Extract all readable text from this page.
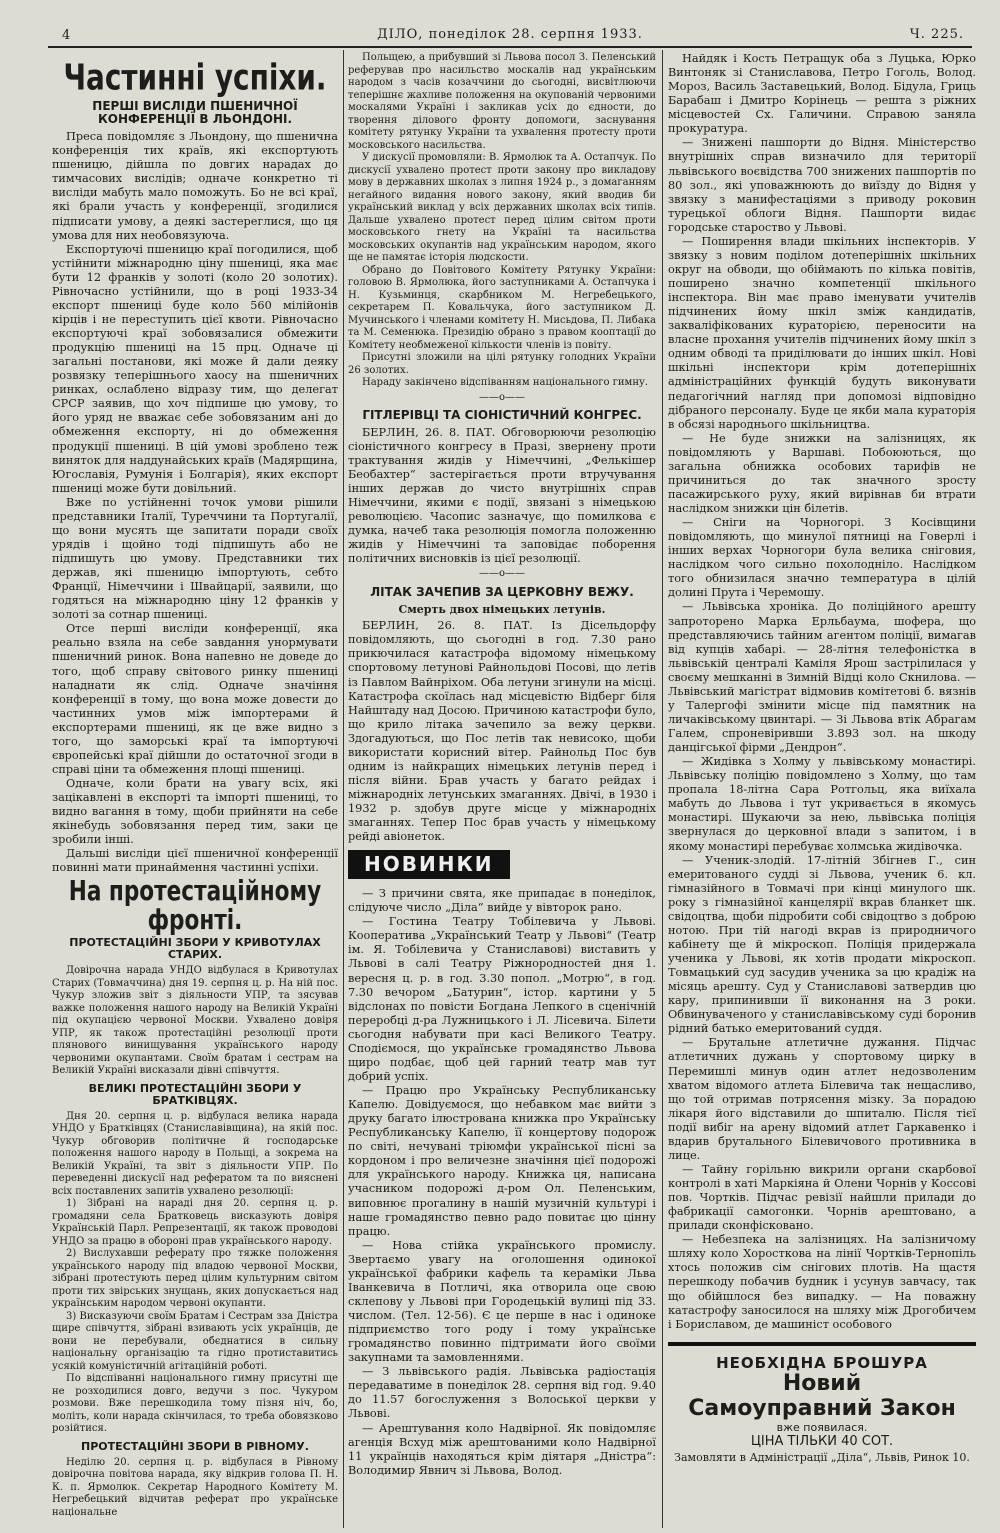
4	ДІЛО, понеділок 28. серпня 1933.	Ч. 225.
Частинні успіхи.
ПЕРШІ ВИСЛІДИ ПШЕНИЧНОЇ КОНФЕРЕНЦІЇ В ЛЬОНДОНІ.

Преса повідомляє з Льондону, що пшенична конференція тих країв, які експортують пшеницю, дійшла по довгих нарадах до тимчасових вислідів; одначе конкретно ті висліди мабуть мало поможуть. Бо не всі краї, які брали участь у конференції, згодилися підписати умову, а деякі застереглися, що ця умова для них необовязуюча.

Експортуючі пшеницю краї погодилися, щоб устійнити міжнародню ціну пшениці, яка має бути 12 франків у золоті (коло 20 золотих). Рівночасно устійнили, що в році 1933-34 експорт пшениці буде коло 560 мілійонів кірців і не переступить цієї квоти. Рівночасно експортуючі краї зобовязалися обмежити продукцію пшениці на 15 прц. Одначе ці загальні постанови, які може й дали деяку розвязку теперішнього хаосу на пшеничних ринках, ослаблено відразу тим, що делегат СРСР заявив, що хоч підпише цю умову, то його уряд не вважає себе зобовязаним ані до обмеження експорту, ні до обмеження продукції пшениці. В цій умові зроблено теж виняток для наддунайських країв (Мадярщина, Югославія, Румунія і Болгарія), яких експорт пшениці може бути довільний.

Вже по устійненні точок умови рішили представники Італії, Туреччини та Португалії, що вони мусять ще запитати поради своїх урядів і щойно тоді підпишуть або не підпишуть цю умову. Представники тих держав, які пшеницю імпортують, себто Франції, Німеччини і Швайцарії, заявили, що годяться на міжнародню ціну 12 франків у золоті за сотнар пшениці.

Отсе перші висліди конференції, яка реально взяла на себе завдання унормувати пшеничний ринок. Вона напевно не доведе до того, щоб справу світового ринку пшениці наладнати як слід. Одначе значіння конференції в тому, що вона може довести до частинних умов між імпортерами й експортерами пшениці, як це вже видно з того, що заморські краї та імпортуючі європейські краї дійшли до остаточної згоди в справі ціни та обмеження площі пшениці.

Одначе, коли брати на увагу всіх, які зацікавлені в експорті та імпорті пшениці, то видно вагання в тому, щоби прийняти на себе якінебудь зобовязання перед тим, заки це зробили інші.

Дальші висліди цієї пшеничної конференції повинні мати принаймення частинні успіхи.

На протестаційному фронті.
ПРОТЕСТАЦІЙНІ ЗБОРИ У КРИВОТУЛАХ СТАРИХ.

Довірочна нарада УНДО відбулася в Кривотулах Старих (Товмаччина) дня 19. серпня ц. р. На ній пос. Чукур зложив звіт з діяльности УПР, та зясував важке положення нашого народу на Великій Україні під окупацією червоної Москви. Ухвалено довіря УПР, як також протестаційні резолюції проти плянового винищування українського народу червоними окупантами. Своїм братам і сестрам на Великій Україні висказали дівні співчуття.

ВЕЛИКІ ПРОТЕСТАЦІЙНІ ЗБОРИ У БРАТКІВЦЯХ.

Дня 20. серпня ц. р. відбулася велика нарада УНДО у Братківцях (Станиславівщина), на якій пос. Чукур обговорив політичне й господарське положення нашого народу в Польщі, а зокрема на Великій Україні, та звіт з діяльности УПР. По переведенні дискусії над рефератом та по вияснені всіх поставлених запитів ухвалено резолюції:

1) Зібрані на нараді дня 20. серпня ц. р. громадяни села Братковець висказують довіря Українській Парл. Репрезентації, як також проводові УНДО за працю в обороні прав українського народу.

2) Вислухавши реферату про тяжке положення українського народу під владою червоної Москви, зібрані протестують перед цілим культурним світом проти тих звірських знущань, яких допускається над українським народом червоні окупанти.

3) Висказуючи своїм Братам і Сестрам зза Дністра щире співчуття, зібрані взивають усіх українців, де вони не перебували, обєднатися в сильну національну організацію та гідно протиставитись усякій комуністичній агітаційній роботі.

По відспіванні національного гимну присутні ще не розходилися довго, ведучи з пос. Чукуром розмови. Вже перешкодила тому пізня ніч, бо, моліть, коли нарада скінчилася, то треба обовязково розійтися.

ПРОТЕСТАЦІЙНІ ЗБОРИ В РІВНОМУ.

Неділю 20. серпня ц. р. відбулася в Рівному довірочна повітова нарада, яку відкрив голова П. Н. К. п. Ярмолюк. Секретар Народного Комітету М. Негребецький відчитав реферат про українське національне

Польщею, а прибувший зі Львова посол З. Пеленський реферував про насильство москалів над українським народом з часів козаччини до сьогодні, висвітлюючи теперішнє жахливе положення на окупованій червоними москалями Україні і закликав усіх до єдности, до творення ділового фронту допомоги, заснування комітету рятунку України та ухвалення протесту проти московського насильства.

У дискусії промовляли: В. Ярмолюк та А. Остапчук. По дискусії ухвалено протест проти закону про викладову мову в державних школах з липня 1924 р., з домаганням негайного видання нового закону, який вводив би український виклад у всіх державних школах всіх типів. Дальше ухвалено протест перед цілим світом проти московського гнету на Україні та насильства московських окупантів над українським народом, якого ще не памятає історія людскости.

Обрано до Повітового Комітету Рятунку України: головою В. Ярмолюка, його заступниками А. Остапчука і Н. Кузьминця, скарбником М. Негребецького, секретарем П. Ковальчука, його заступником Д. Мучинського і членами комітету Н. Мисьдова, П. Либака та М. Семенюка. Президію обрано з правом кооптації до Комітету необмеженої кількости членів із повіту.

Присутні зложили на цілі рятунку голодних України 26 золотих.

Нараду закінчено відспіванням національного гимну.

——o——
ГІТЛЕРІВЦІ ТА СІОНІСТИЧНИЙ КОНГРЕС.

БЕРЛИН, 26. 8. ПАТ. Обговорюючи резолюцію сіоністичного конгресу в Празі, звернену проти трактування жидів у Німеччині, „Фелькішер Беобахтер“ застерігається проти втручування інших держав до чисто внутрішніх справ Німеччини, якими є події, звязані з німецькою революцією. Часопис зазначує, що помилкова є думка, начеб така резолюція помогла положенню жидів у Німеччині та заповідає поборення політичних висновків із цієї резолюції.

——o——
ЛІТАК ЗАЧЕПИВ ЗА ЦЕРКОВНУ ВЕЖУ.
Смерть двох німецьких летунів.

БЕРЛИН, 26. 8. ПАТ. Із Дісельдорфу повідомляють, що сьогодні в год. 7.30 рано прикючилася катастрофа відомому німецькому спортовому летунові Райнольдові Посові, що летів із Павлом Вайнріхом. Оба летуни згинули на місці. Катастрофа скоїлась над місцевістю Відберг біля Найштаду над Досою. Причиною катастрофи було, що крило літака зачепило за вежу церкви. Здогадуються, що Пос летів так невисоко, щоби використати корисний вітер. Райнольд Пос був одним із найкращих німецьких летунів перед і після війни. Брав участь у багато рейдах і міжнародніх летунських змаганнях. Двічі, в 1930 і 1932 р. здобув друге місце у міжнародніх змаганнях. Тепер Пос брав участь у німецькому рейді авіонеток.

НОВИНКИ

— З причини свята, яке припадає в понеділок, слідуюче число „Діла“ вийде у вівторок рано.

— Гостина Театру Тобілевича у Львові. Кооператива „Український Театр у Львові“ (Театр ім. Я. Тобілевича у Станиславові) виставить у Львові в салі Театру Ріжнородностей дня 1. вересня ц. р. в год. 3.30 попол. „Мотрю“, в год. 7.30 вечором „Батурин“, істор. картини у 5 відслонах по повісти Богдана Лепкого в сценічній переробці д-ра Лужницького і Л. Лісевича. Білети сьогодня набувати при касі Великого Театру. Сподіємося, що українське громадянство Львова щиро подбає, щоб цей гарний театр мав тут добрий успіх.

— Працю про Українську Республиканську Капелю. Довідуємося, що небавком має вийти з друку багато ілюстрована книжка про Українську Республиканську Капелю, її концертову подорож по світі, нечувані тріюмфи української пісні за кордоном і про величезне значіння цієї подорожі для українського народу. Книжка ця, написана учасником подорожі д-ром Ол. Пеленським, виповнює прогалину в нашій музичній культурі і наше громадянство певно радо повитає цю цінну працю.

— Нова стійка українського промислу. Звертаємо увагу на оголошення одинокої української фабрики кафель та кераміки Льва Іванкевича в Потличі, яка отворила оце свою склепову у Львові при Городецькій вулиці під 33. числом. (Тел. 12-56). Є це перше в нас і одиноке підприємство того роду і тому українське громадянство повинно підтримати його своїми закупнами та замовленнями.

— З львівського радія. Львівська радіостація передаватиме в понеділок 28. серпня від год. 9.40 до 11.57 богослуження з Волоської церкви у Львові.

— Арештування коло Надвірної. Як повідомляє агенція Всхуд між арештованими коло Надвірної 11 українців находяться крім діятаря „Дністра“: Володимир Явнич зі Львова, Волод.

Найдяк і Кость Петращук оба з Луцька, Юрко Винтоняк зі Станиславова, Петро Гоголь, Волод. Мороз, Василь Заставецький, Волод. Бідула, Гриць Барабаш і Дмитро Корінець — решта з ріжних місцевостей Сх. Галичини. Справою заняла прокуратура.

— Знижені пашпорти до Відня. Міністерство внутрішніх справ визначило для території львівського воєвідства 700 знижених пашпортів по 80 зол., які уповажнюють до виїзду до Відня у звязку з манифестаціями з приводу роковин турецької облоги Відня. Пашпорти видає городське староство у Львові.

— Поширення влади шкільних інспекторів. У звязку з новим поділом дотеперішніх шкільних округ на обводи, що обіймають по кілька повітів, поширено значно компетенції шкільного інспектора. Він має право іменувати учителів підчинених йому шкіл зміж кандидатів, закваліфікованих кураторією, переносити на власне прохання учителів підчинених йому шкіл з одним обводі та приділювати до інших шкіл. Нові шкільні інспектори крім дотеперішніх адміністраційних функцій будуть виконувати педагогічний нагляд при допомозі відповідно дібраного персоналу. Буде це якби мала кураторія в обсязі народнього шкільництва.

— Не буде знижки на залізницях, як повідомляють у Варшаві. Побоюються, що загальна обнижка особових тарифів не причиниться до так значного зросту пасажирського руху, який вирівнав би втрати наслідком знижки цін білетів.

— Сніги на Чорногорі. З Косівщини повідомляють, що минулої пятниці на Говерлі і інших верхах Чорногори була велика сніговия, наслідком чого сильно похолодніло. Наслідком того обнизилася значно температура в цілій долині Прута і Черемошу.

— Львівська хроніка. До поліційного арешту запроторено Марка Ерльбаума, шофера, що представляючись тайним агентом поліції, вимагав від купців хабарі. — 28-літня телефоністка в львівській централі Каміля Ярош застрілилася у своєму мешканні в Зимній Відці коло Скнилова. — Львівський магістрат відмовив комітетові б. вязнів у Талергофі змінити місце під памятник на личаківському цвинтарі. — Зі Львова втік Абрагам Галем, спроневіривши 3.893 зол. на шкоду данцігської фірми „Дендрон“.

— Жидівка з Холму у львівському монастирі. Львівську поліцію повідомлено з Холму, що там пропала 18-літна Сара Ротгольц, яка виїхала мабуть до Львова і тут укривається в якомусь монастирі. Шукаючи за нею, львівська поліція звернулася до церковної влади з запитом, і в якому монастирі перебуває холмська жидівочка.

— Ученик-злодій. 17-літній Збігнев Г., син емеритованого судді зі Львова, ученик 6. кл. гімназійного в Товмачі при кінці минулого шк. року з гімназійної канцелярії вкрав бланкет шк. свідоцтва, щоби підробити собі свідоцтво з доброю нотою. При тій нагоді вкрав із природничого кабінету ще й мікроскоп. Поліція придержала ученика у Львові, як хотів продати мікроскоп. Товмацький суд засудив ученика за цю крадіж на місяць арешту. Суд у Станиславові затвердив цю кару, припинивши її виконання на 3 роки. Обвинуваченого у станиславівському суді боронив рідний батько емеритований суддя.

— Брутальне атлетичне дужання. Підчас атлетичних дужань у спортовому цирку в Перемишлі минув один атлет недозволеним хватом відомого атлета Білевича так нещасливо, що той отримав потрясення мізку. За порадою лікаря його відставили до шпиталю. Після тієї події вибіг на арену відомий атлет Гаркавенко і вдарив брутального Білевичового противника в лице.

— Тайну горільню викрили органи скарбової контролі в хаті Маркіяна й Олени Чорнів у Коссові пов. Чортків. Підчас ревізії найшли прилади до фабрикації самогонки. Чорнів арештовано, а прилади сконфісковано.

— Небезпека на залізницях. На залізничому шляху коло Хоросткова на лінії Чортків-Тернопіль хтось положив сім снігових плотів. На щастя перешкоду побачив будник і усунув завчасу, так що обійшлося без випадку. — На поважну катастрофу заносилося на шляху між Дрогобичем і Бориславом, де машиніст особового

НЕОБХІДНА БРОШУРА
Новий
Самоуправний Закон
вже появилася.
ЦІНА ТІЛЬКИ 40 СОТ.
Замовляти в Адміністрації „Діла“, Львів, Ринок 10.
